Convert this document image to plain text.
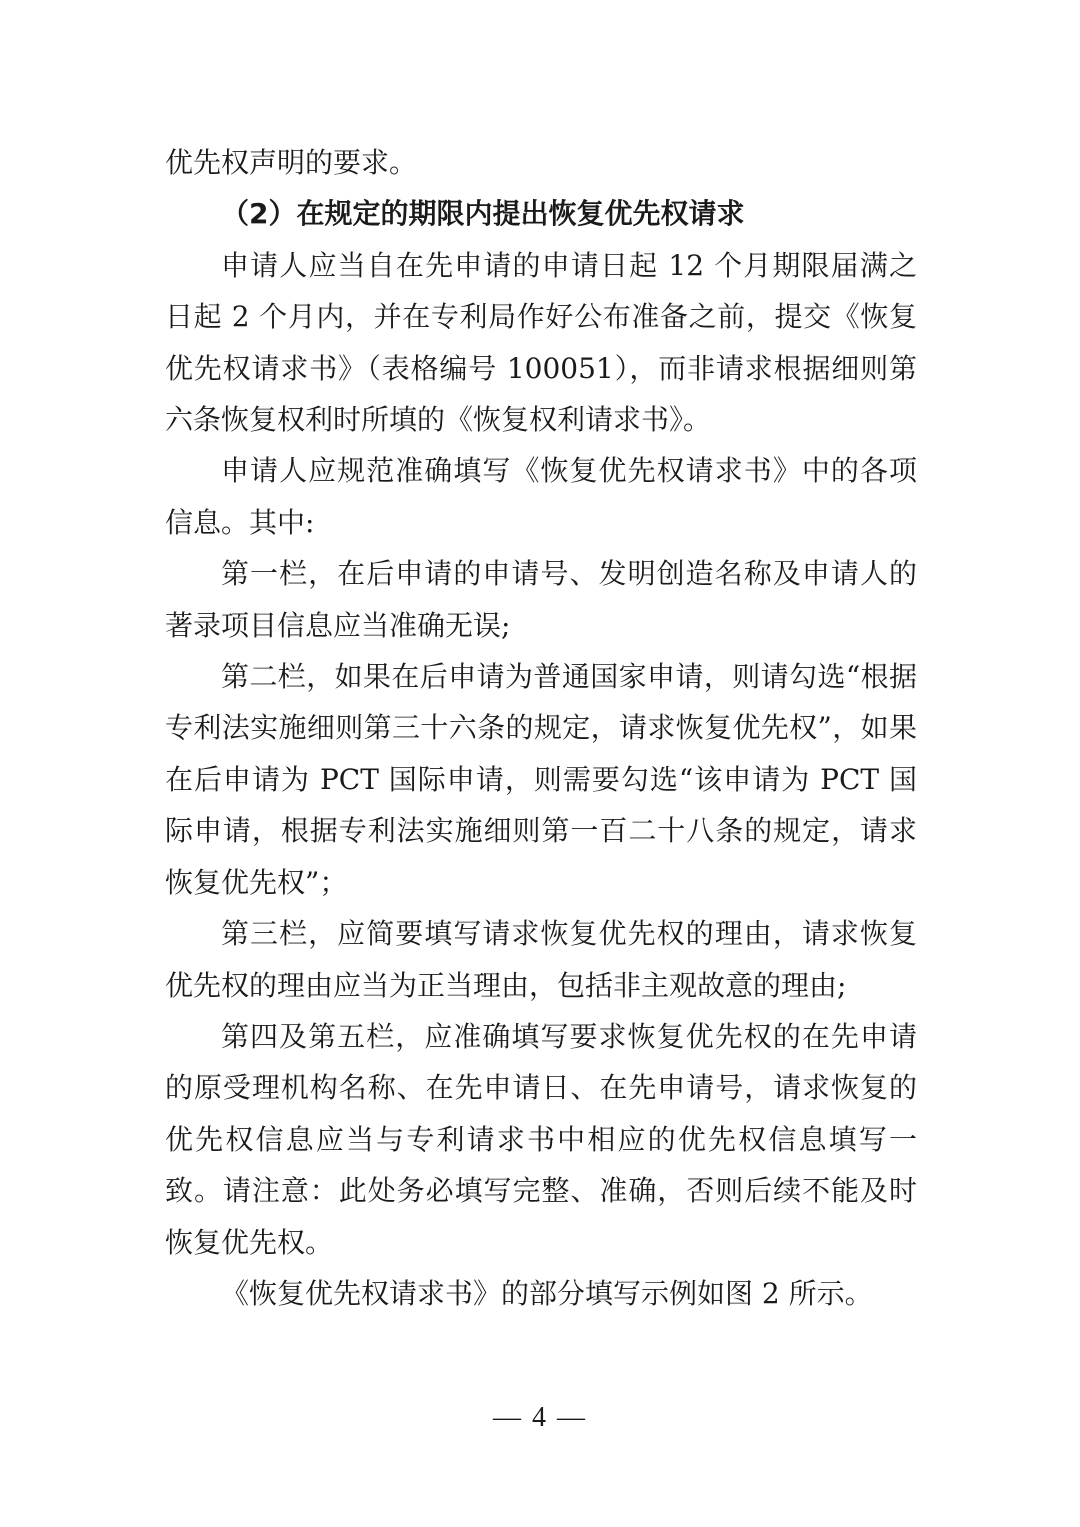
优先权声明的要求。

（2）在规定的期限内提出恢复优先权请求

申请人应当自在先申请的申请日起 12 个月期限届满之日起 2 个月内，并在专利局作好公布准备之前，提交《恢复优先权请求书》（表格编号 100051），而非请求根据细则第六条恢复权利时所填的《恢复权利请求书》。

申请人应规范准确填写《恢复优先权请求书》中的各项信息。其中:

第一栏，在后申请的申请号、发明创造名称及申请人的著录项目信息应当准确无误;

第二栏，如果在后申请为普通国家申请，则请勾选“根据专利法实施细则第三十六条的规定，请求恢复优先权”，如果在后申请为 PCT 国际申请，则需要勾选“该申请为 PCT 国际申请，根据专利法实施细则第一百二十八条的规定，请求恢复优先权”；

第三栏，应简要填写请求恢复优先权的理由，请求恢复优先权的理由应当为正当理由，包括非主观故意的理由;

第四及第五栏，应准确填写要求恢复优先权的在先申请的原受理机构名称、在先申请日、在先申请号，请求恢复的优先权信息应当与专利请求书中相应的优先权信息填写一致。请注意：此处务必填写完整、准确，否则后续不能及时恢复优先权。

《恢复优先权请求书》的部分填写示例如图 2 所示。

— 4 —
